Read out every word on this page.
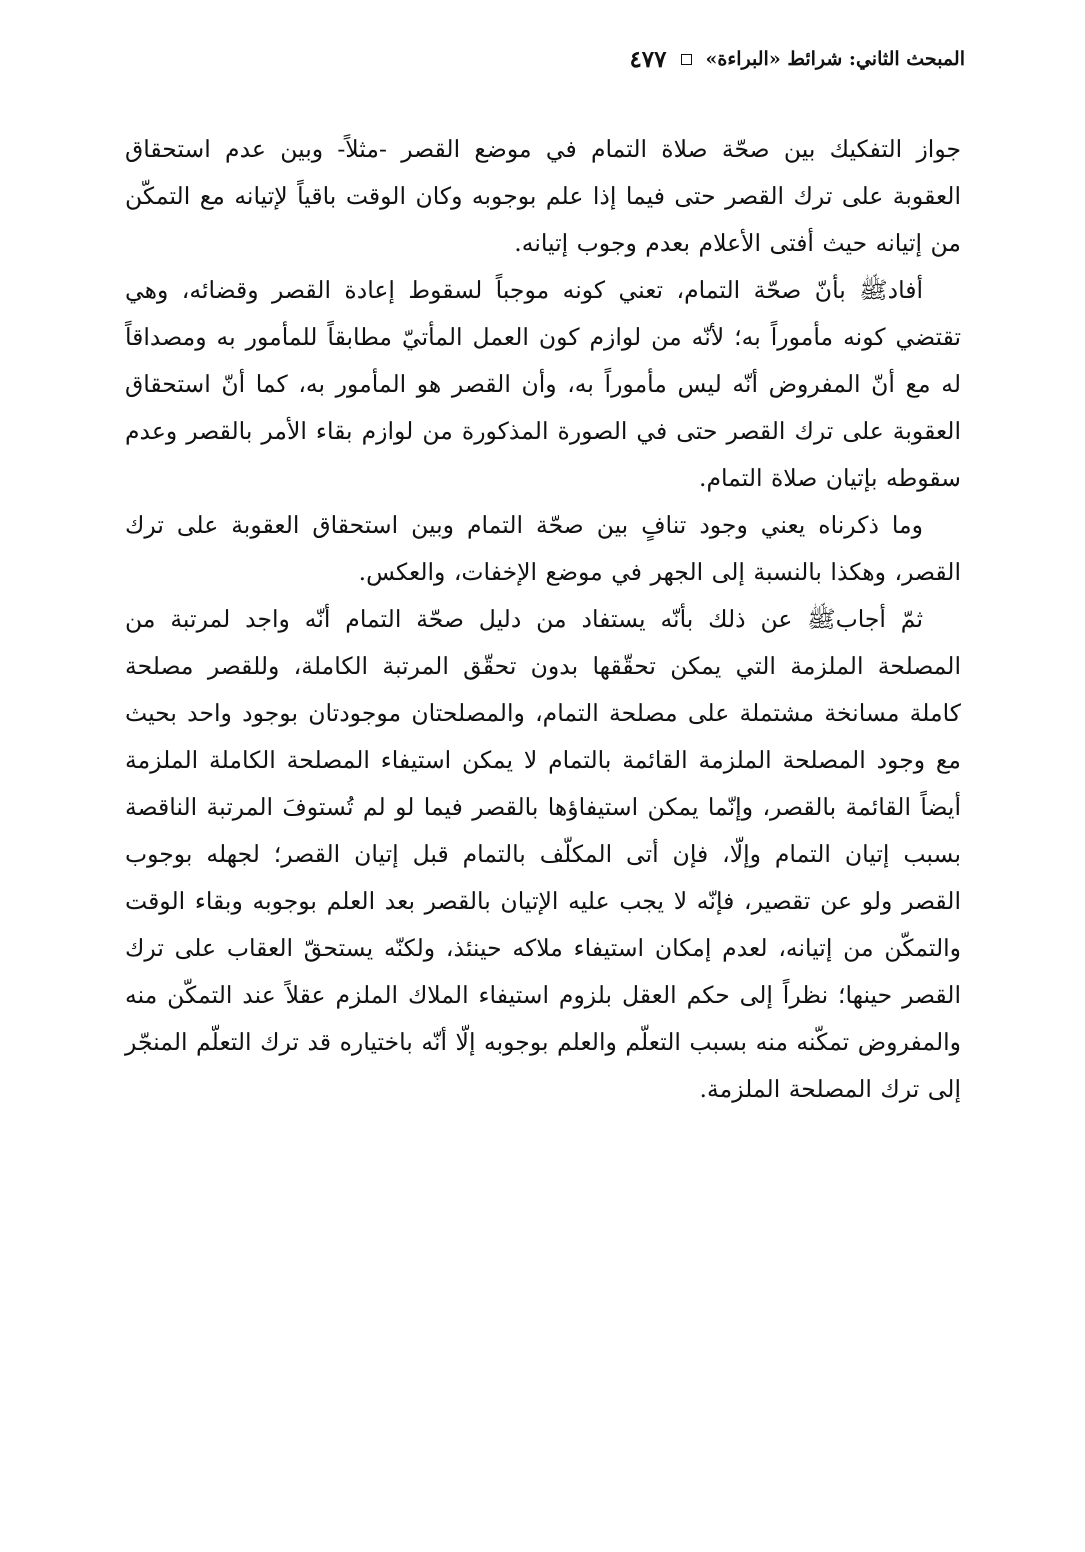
المبحث الثاني: شرائط «البراءة»
٤٧٧

جواز التفكيك بين صحّة صلاة التمام في موضع القصر -مثلاً- وبين عدم استحقاق العقوبة على ترك القصر حتى فيما إذا علم بوجوبه وكان الوقت باقياً لإتيانه مع التمكّن من إتيانه حيث أفتى الأعلام بعدم وجوب إتيانه.

أفادﷺ بأنّ صحّة التمام، تعني كونه موجباً لسقوط إعادة القصر وقضائه، وهي تقتضي كونه مأموراً به؛ لأنّه من لوازم كون العمل المأتيّ مطابقاً للمأمور به ومصداقاً له مع أنّ المفروض أنّه ليس مأموراً به، وأن القصر هو المأمور به، كما أنّ استحقاق العقوبة على ترك القصر حتى في الصورة المذكورة من لوازم بقاء الأمر بالقصر وعدم سقوطه بإتيان صلاة التمام.

وما ذكرناه يعني وجود تنافٍ بين صحّة التمام وبين استحقاق العقوبة على ترك القصر، وهكذا بالنسبة إلى الجهر في موضع الإخفات، والعكس.

ثمّ أجابﷺ عن ذلك بأنّه يستفاد من دليل صحّة التمام أنّه واجد لمرتبة من المصلحة الملزمة التي يمكن تحقّقها بدون تحقّق المرتبة الكاملة، وللقصر مصلحة كاملة مسانخة مشتملة على مصلحة التمام، والمصلحتان موجودتان بوجود واحد بحيث مع وجود المصلحة الملزمة القائمة بالتمام لا يمكن استيفاء المصلحة الكاملة الملزمة أيضاً القائمة بالقصر، وإنّما يمكن استيفاؤها بالقصر فيما لو لم تُستوفَ المرتبة الناقصة بسبب إتيان التمام وإلّا، فإن أتى المكلّف بالتمام قبل إتيان القصر؛ لجهله بوجوب القصر ولو عن تقصير، فإنّه لا يجب عليه الإتيان بالقصر بعد العلم بوجوبه وبقاء الوقت والتمكّن من إتيانه، لعدم إمكان استيفاء ملاكه حينئذ، ولكنّه يستحقّ العقاب على ترك القصر حينها؛ نظراً إلى حكم العقل بلزوم استيفاء الملاك الملزم عقلاً عند التمكّن منه والمفروض تمكّنه منه بسبب التعلّم والعلم بوجوبه إلّا أنّه باختياره قد ترك التعلّم المنجّر إلى ترك المصلحة الملزمة.
